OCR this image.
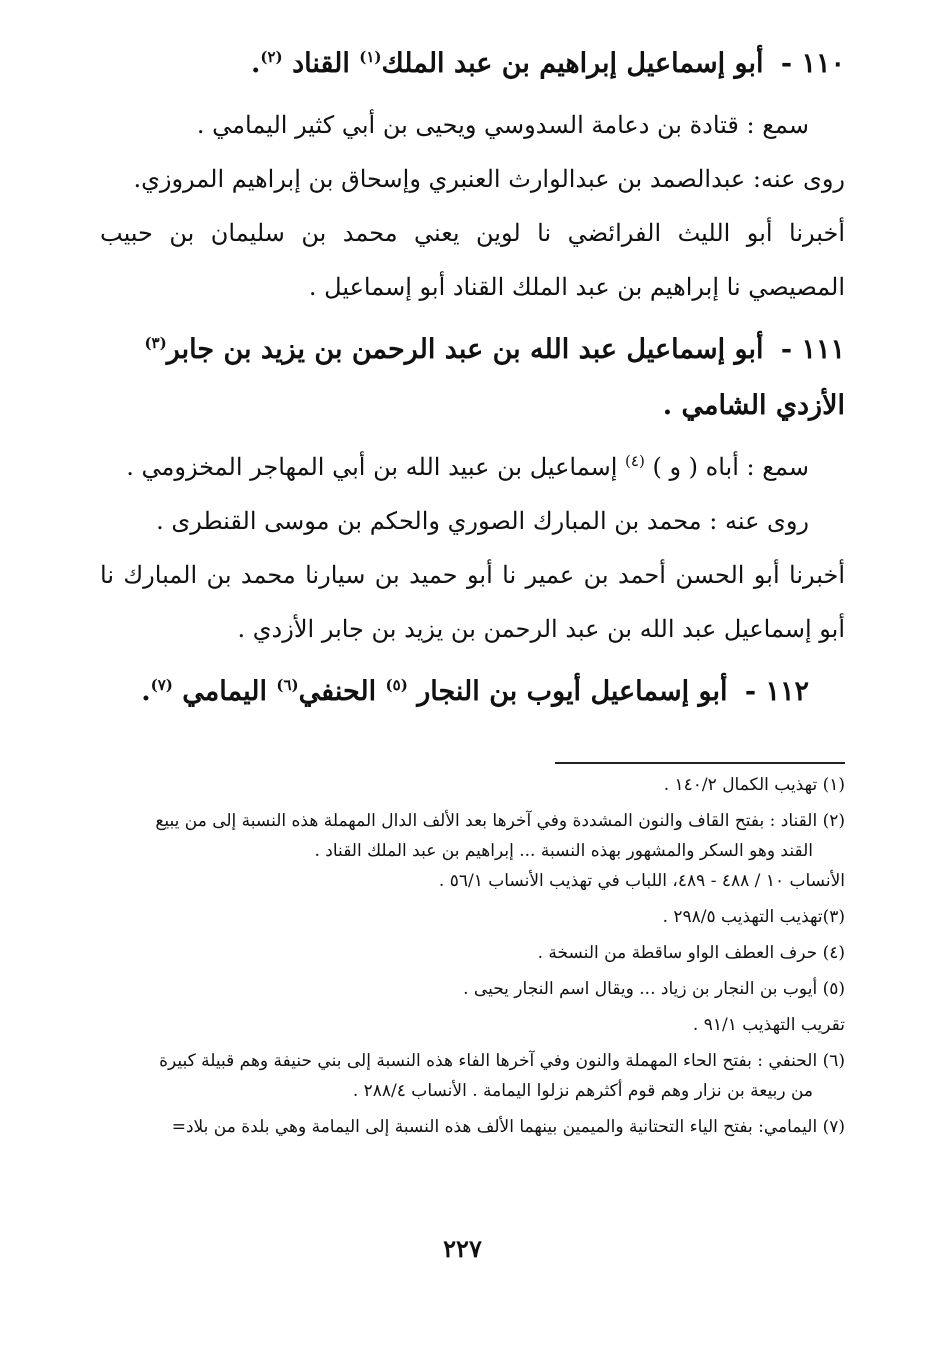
١١٠ - أبو إسماعيل إبراهيم بن عبد الملك$^{(١)}$ القناد $^{(٢)}$.
سمع : قتادة بن دعامة السدوسي ويحيى بن أبي كثير اليمامي .
روى عنه: عبدالصمد بن عبدالوارث العنبري وإسحاق بن إبراهيم المروزي.
أخبرنا أبو الليث الفرائضي نا لوين يعني محمد بن سليمان بن حبيب المصيصي نا إبراهيم بن عبد الملك القناد أبو إسماعيل .
١١١ - أبو إسماعيل عبد الله بن عبد الرحمن بن يزيد بن جابر$^{(٣)}$ الأزدي الشامي .
سمع : أباه ( و ) $^{(٤)}$ إسماعيل بن عبيد الله بن أبي المهاجر المخزومي .
روى عنه : محمد بن المبارك الصوري والحكم بن موسى القنطرى .
أخبرنا أبو الحسن أحمد بن عمير نا أبو حميد بن سيارنا محمد بن المبارك نا أبو إسماعيل عبد الله بن عبد الرحمن بن يزيد بن جابر الأزدي .
١١٢ - أبو إسماعيل أيوب بن النجار $^{(٥)}$ الحنفي$^{(٦)}$ اليمامي $^{(٧)}$.
(١) تهذيب الكمال ١٤٠/٢ .
(٢) القناد : بفتح القاف والنون المشددة وفي آخرها بعد الألف الدال المهملة هذه النسبة إلى من يبيع
القند وهو السكر والمشهور بهذه النسبة ... إبراهيم بن عبد الملك القناد .
الأنساب ١٠ / ٤٨٨ - ٤٨٩، اللباب في تهذيب الأنساب ٥٦/١ .
(٣)تهذيب التهذيب ٢٩٨/٥ .
(٤) حرف العطف الواو ساقطة من النسخة .
(٥) أيوب بن النجار بن زياد ... ويقال اسم النجار يحيى .
تقريب التهذيب ٩١/١ .
(٦) الحنفي : بفتح الحاء المهملة والنون وفي آخرها الفاء هذه النسبة إلى بني حنيفة وهم قبيلة كبيرة
من ربيعة بن نزار وهم قوم أكثرهم نزلوا اليمامة . الأنساب ٢٨٨/٤ .
(٧) اليمامي: بفتح الياء التحتانية والميمين بينهما الألف هذه النسبة إلى اليمامة وهي بلدة من بلاد=
٢٢٧
